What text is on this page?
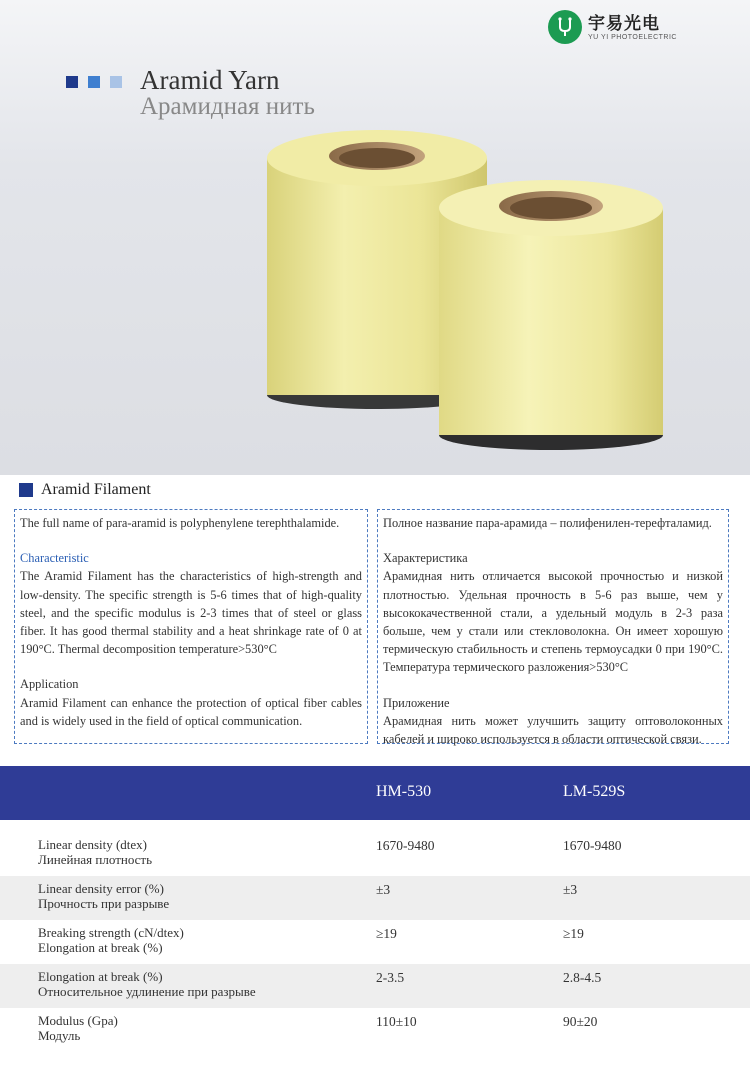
宇易光电
YU YI PHOTOELECTRIC
Aramid Yarn
Арамидная нить
Aramid Filament

The full name of para-aramid is polyphenylene terephthalamide.

Characteristic

The Aramid Filament has the characteristics of high-strength and low-density. The specific strength is 5-6 times that of high-quality steel, and the specific modulus is 2-3 times that of steel or glass fiber. It has good thermal stability and a heat shrinkage rate of 0 at 190°C. Thermal decomposition temperature>530°C

Application

Aramid Filament can enhance the protection of optical fiber cables and is widely used in the field of optical communication.

Полное название пара-арамида – полифенилен-терефталамид.

Характеристика

Арамидная нить отличается высокой прочностью и низкой плотностью. Удельная прочность в 5-6 раз выше, чем у высококачественной стали, а удельный модуль в 2-3 раза больше, чем у стали или стекловолокна. Он имеет хорошую термическую стабильность и степень термоусадки 0 при 190°C. Температура термического разложения>530°C

Приложение

Арамидная нить может улучшить защиту оптоволоконных кабелей и широко используется в области оптической связи.

HM-530	LM-529S
Linear density (dtex)
Линейная плотность
1670-9480	1670-9480
Linear density error (%)
Прочность при разрыве
±3	±3
Breaking strength (cN/dtex)
Elongation at break (%)
≥19	≥19
Elongation at break (%)
Относительное удлинение при разрыве
2-3.5	2.8-4.5
Modulus (Gpa)
Модуль
110±10	90±20
